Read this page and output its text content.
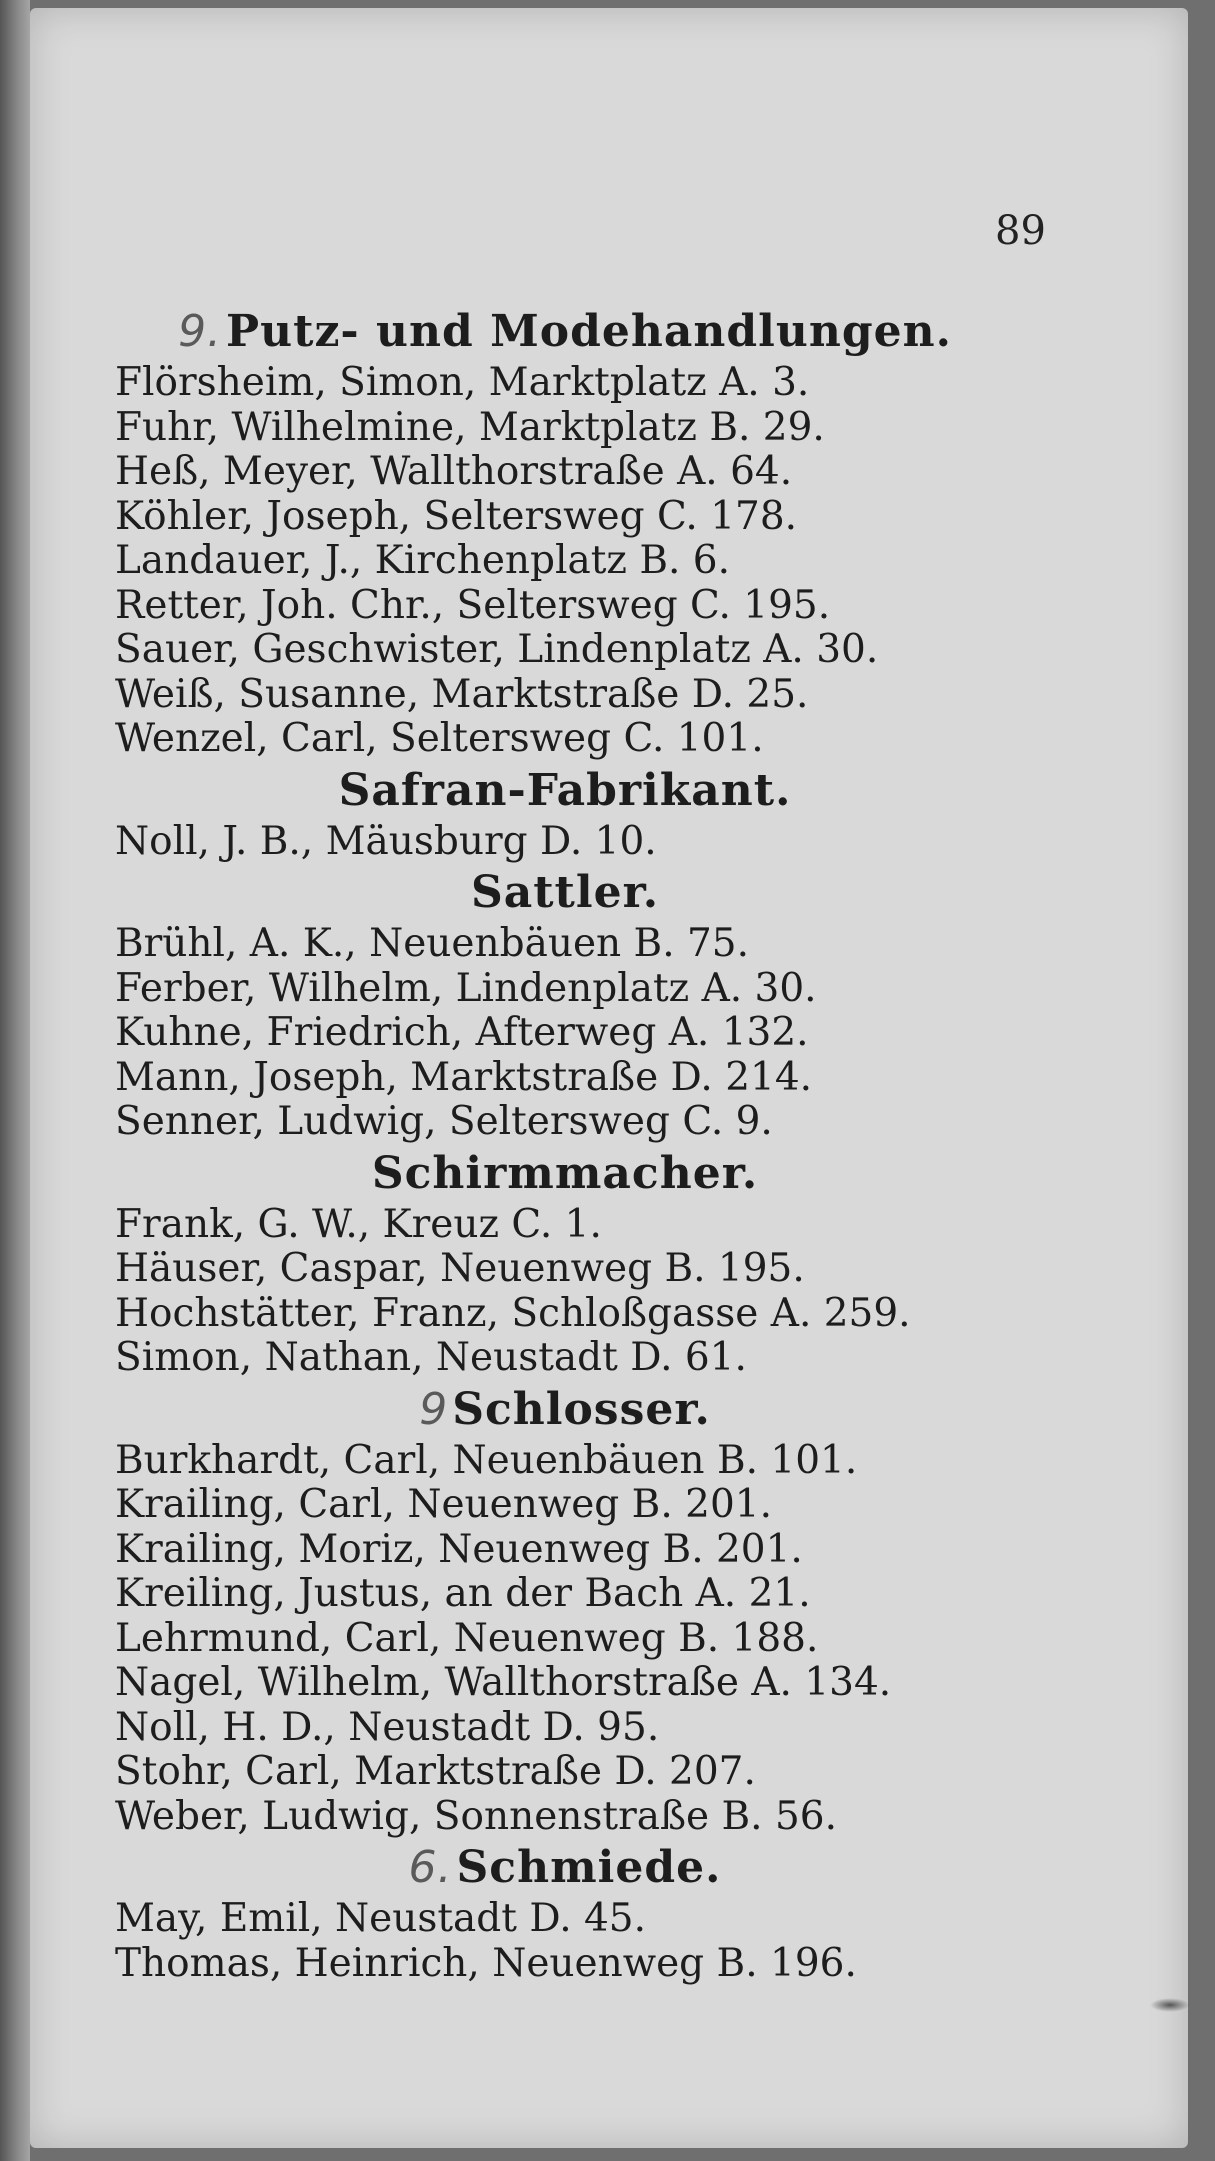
89
9.Putz- und Modehandlungen.
Flörsheim, Simon, Marktplatz A. 3.
Fuhr, Wilhelmine, Marktplatz B. 29.
Heß, Meyer, Wallthorstraße A. 64.
Köhler, Joseph, Seltersweg C. 178.
Landauer, J., Kirchenplatz B. 6.
Retter, Joh. Chr., Seltersweg C. 195.
Sauer, Geschwister, Lindenplatz A. 30.
Weiß, Susanne, Marktstraße D. 25.
Wenzel, Carl, Seltersweg C. 101.
Safran-Fabrikant.
Noll, J. B., Mäusburg D. 10.
Sattler.
Brühl, A. K., Neuenbäuen B. 75.
Ferber, Wilhelm, Lindenplatz A. 30.
Kuhne, Friedrich, Afterweg A. 132.
Mann, Joseph, Marktstraße D. 214.
Senner, Ludwig, Seltersweg C. 9.
Schirmmacher.
Frank, G. W., Kreuz C. 1.
Häuser, Caspar, Neuenweg B. 195.
Hochstätter, Franz, Schloßgasse A. 259.
Simon, Nathan, Neustadt D. 61.
9Schlosser.
Burkhardt, Carl, Neuenbäuen B. 101.
Krailing, Carl, Neuenweg B. 201.
Krailing, Moriz, Neuenweg B. 201.
Kreiling, Justus, an der Bach A. 21.
Lehrmund, Carl, Neuenweg B. 188.
Nagel, Wilhelm, Wallthorstraße A. 134.
Noll, H. D., Neustadt D. 95.
Stohr, Carl, Marktstraße D. 207.
Weber, Ludwig, Sonnenstraße B. 56.
6.Schmiede.
May, Emil, Neustadt D. 45.
Thomas, Heinrich, Neuenweg B. 196.
